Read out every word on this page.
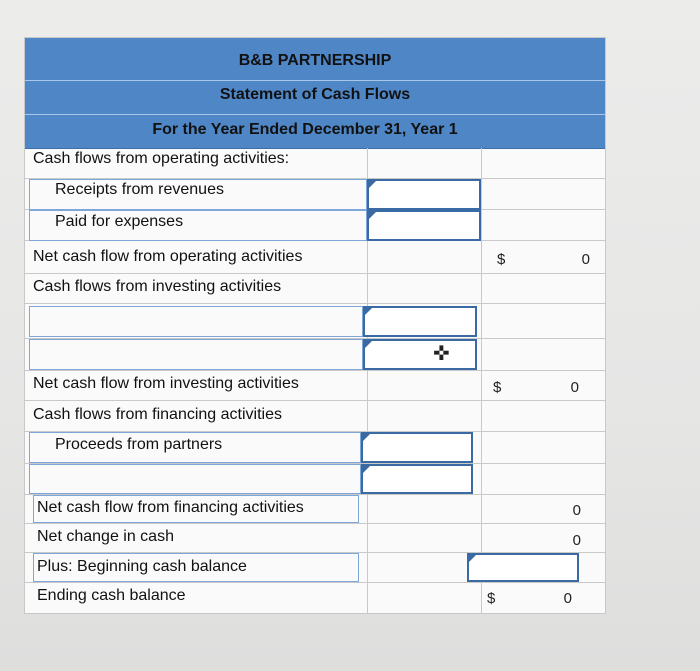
B&B PARTNERSHIP
Statement of Cash Flows
For the Year Ended December 31, Year 1
Cash flows from operating activities:
Receipts from revenues
Paid for expenses
Net cash flow from operating activities	$	0
Cash flows from investing activities
✜
Net cash flow from investing activities	$	0
Cash flows from financing activities
Proceeds from partners
Net cash flow from financing activities	0
Net change in cash	0
Plus: Beginning cash balance
Ending cash balance	$	0
